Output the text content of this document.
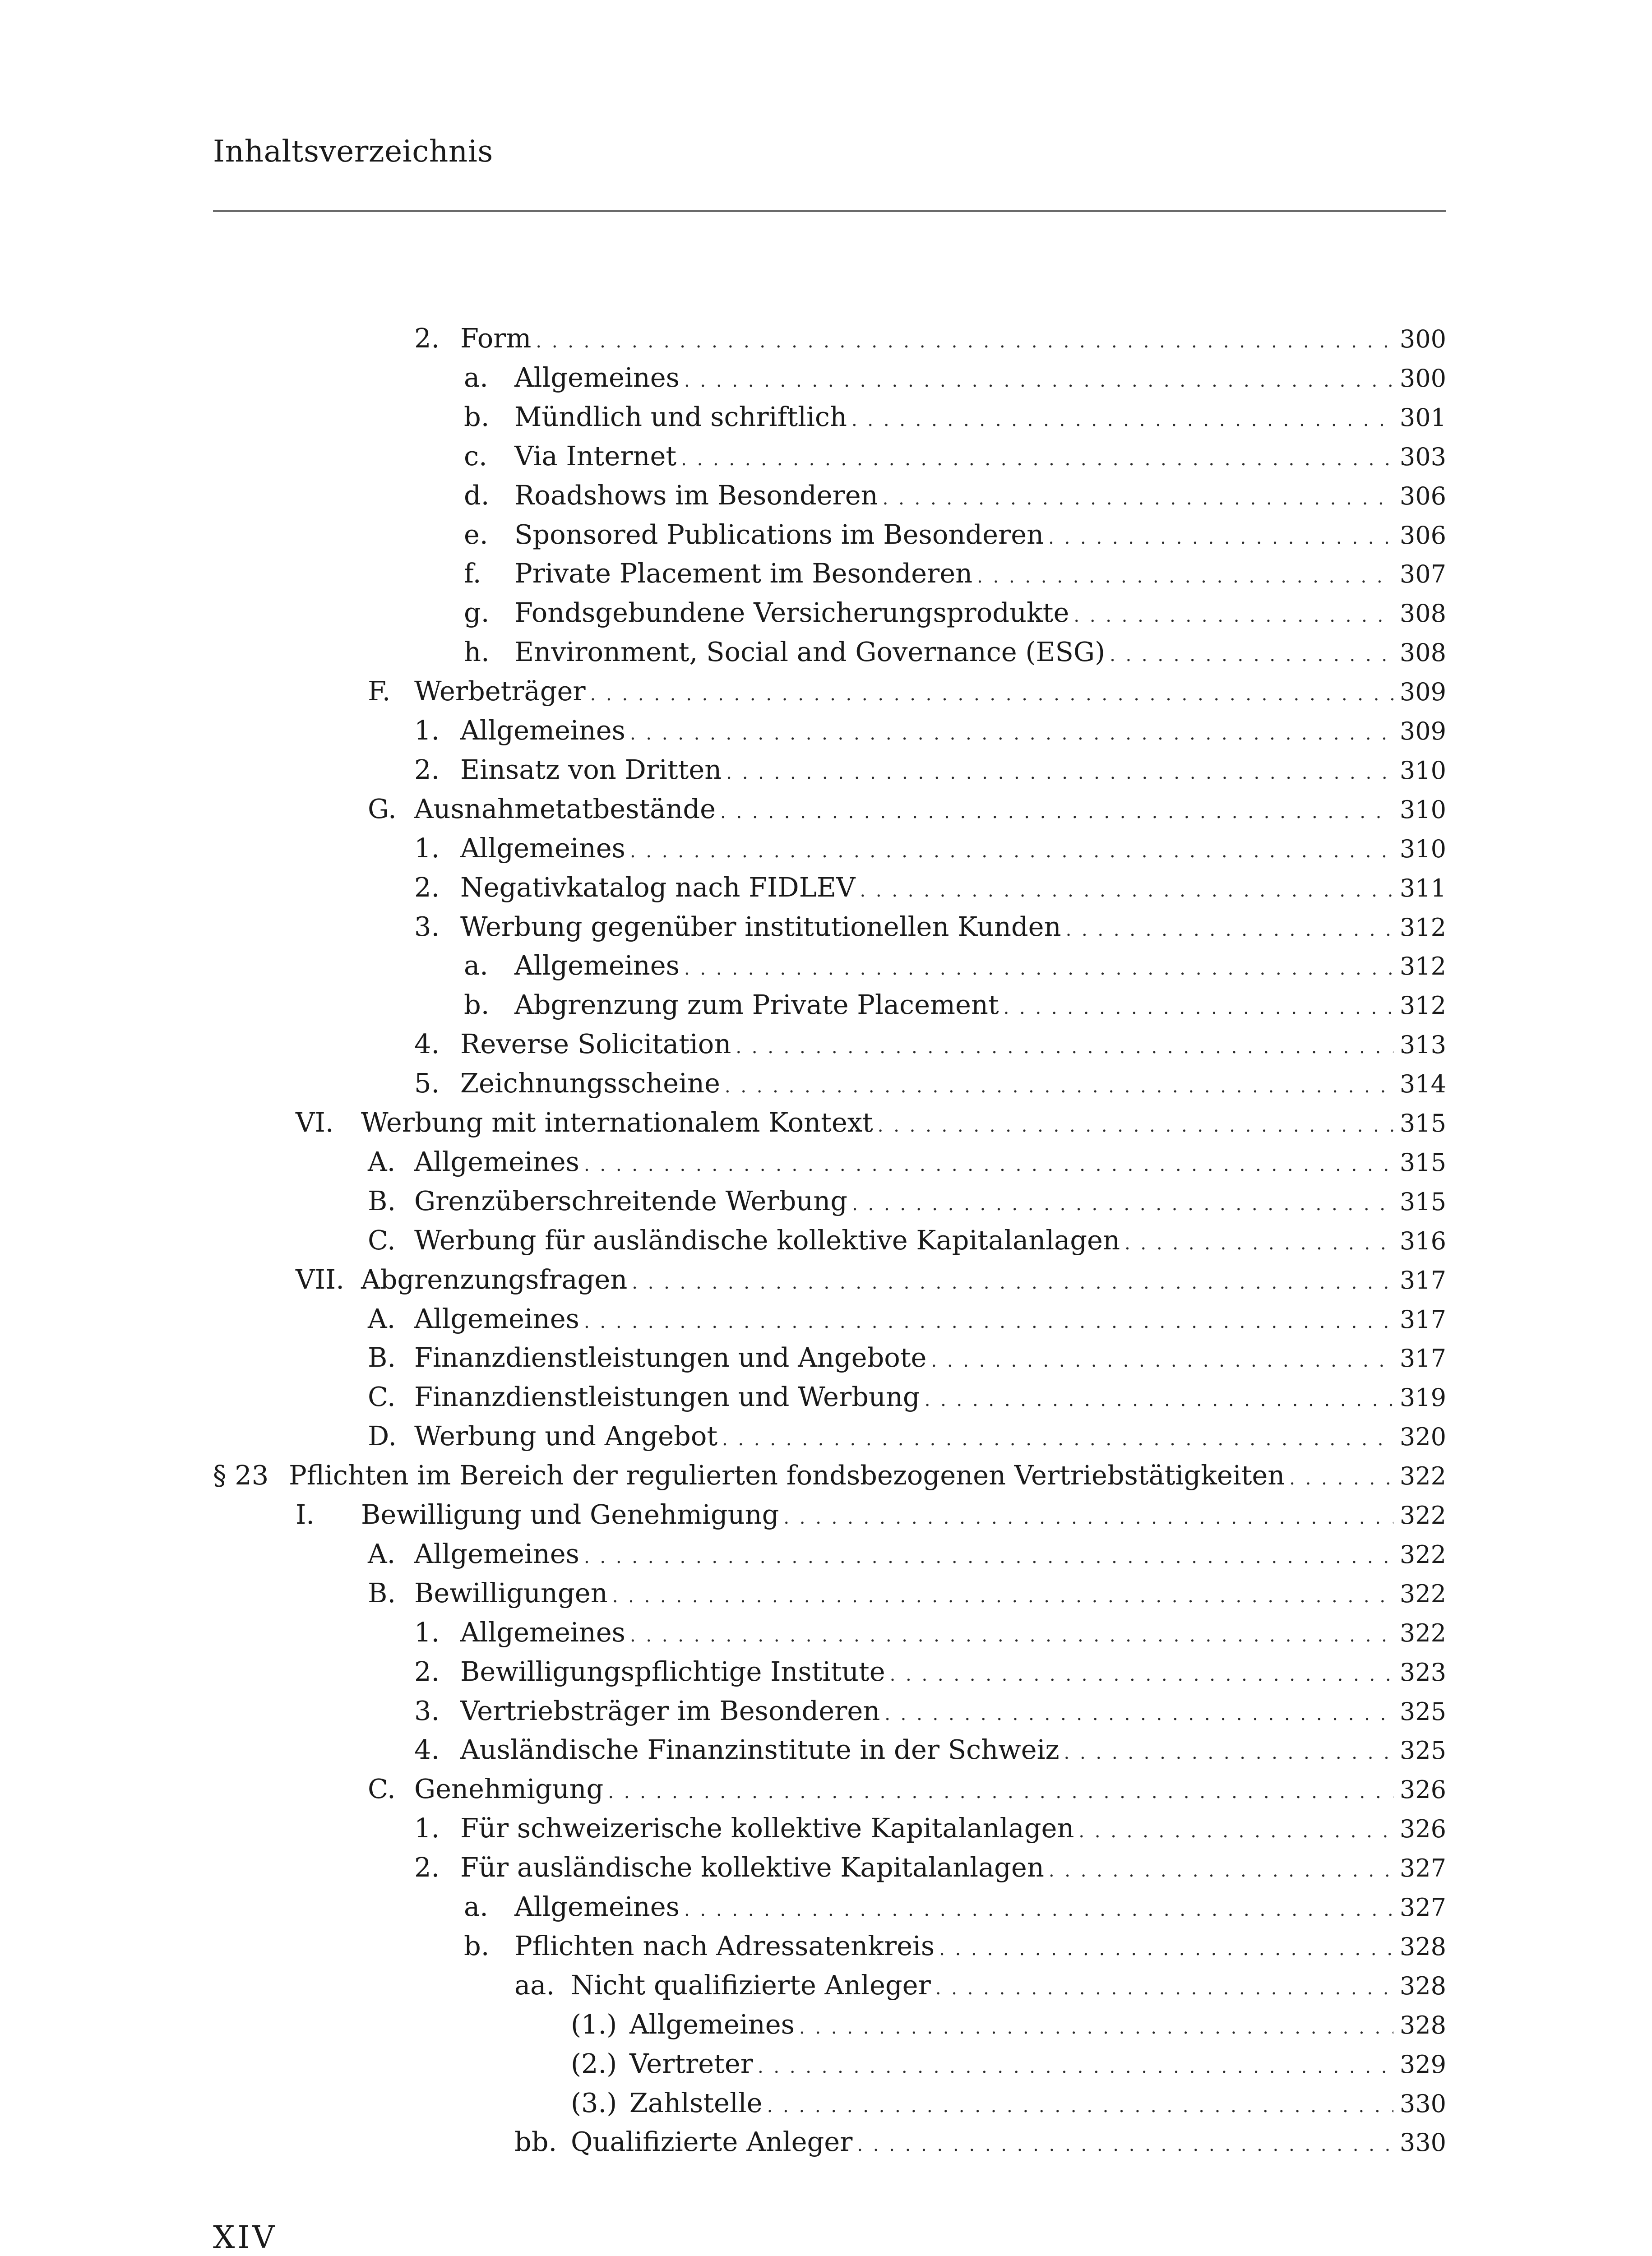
Inhaltsverzeichnis
2. Form . . .	300
a. Allgemeines . . .	300
b. Mündlich und schriftlich . . .	301
c. Via Internet . . .	303
d. Roadshows im Besonderen . . .	306
e. Sponsored Publications im Besonderen . . .	306
f. Private Placement im Besonderen . . .	307
g. Fondsgebundene Versicherungsprodukte . . .	308
h. Environment, Social and Governance (ESG) . . .	308
F. Werbeträger . . .	309
1. Allgemeines . . .	309
2. Einsatz von Dritten . . .	310
G. Ausnahmetatbestände . . .	310
1. Allgemeines . . .	310
2. Negativkatalog nach FIDLEV . . .	311
3. Werbung gegenüber institutionellen Kunden . . .	312
a. Allgemeines . . .	312
b. Abgrenzung zum Private Placement . . .	312
4. Reverse Solicitation . . .	313
5. Zeichnungsscheine . . .	314
VI. Werbung mit internationalem Kontext . . .	315
A. Allgemeines . . .	315
B. Grenzüberschreitende Werbung . . .	315
C. Werbung für ausländische kollektive Kapitalanlagen . . .	316
VII. Abgrenzungsfragen . . .	317
A. Allgemeines . . .	317
B. Finanzdienstleistungen und Angebote . . .	317
C. Finanzdienstleistungen und Werbung . . .	319
D. Werbung und Angebot . . .	320
§ 23 Pflichten im Bereich der regulierten fondsbezogenen Vertriebstätigkeiten . . .	322
I. Bewilligung und Genehmigung . . .	322
A. Allgemeines . . .	322
B. Bewilligungen . . .	322
1. Allgemeines . . .	322
2. Bewilligungspflichtige Institute . . .	323
3. Vertriebsträger im Besonderen . . .	325
4. Ausländische Finanzinstitute in der Schweiz . . .	325
C. Genehmigung . . .	326
1. Für schweizerische kollektive Kapitalanlagen . . .	326
2. Für ausländische kollektive Kapitalanlagen . . .	327
a. Allgemeines . . .	327
b. Pflichten nach Adressatenkreis . . .	328
aa. Nicht qualifizierte Anleger . . .	328
(1.) Allgemeines . . .	328
(2.) Vertreter . . .	329
(3.) Zahlstelle . . .	330
bb. Qualifizierte Anleger . . .	330
XIV
